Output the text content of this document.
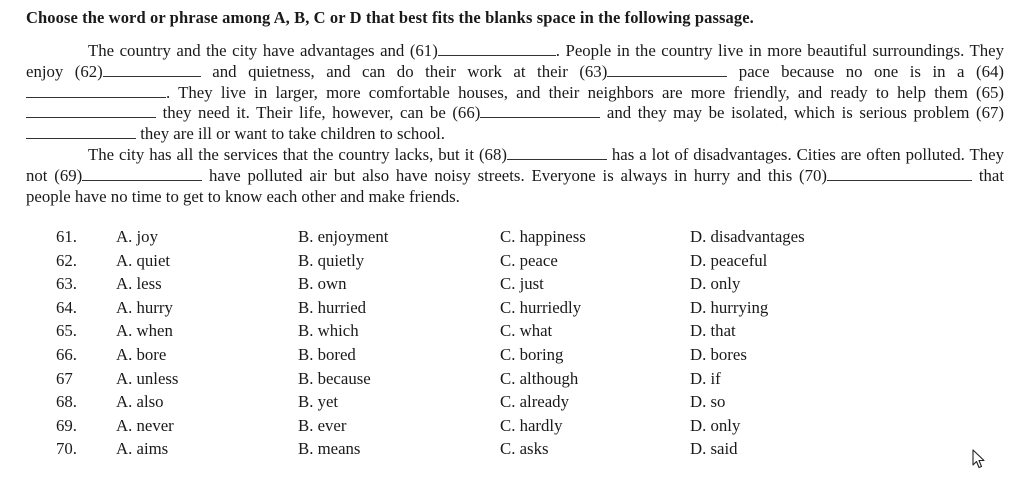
Choose the word or phrase among A, B, C or D that best fits the blanks space in the following passage.

The country and the city have advantages and (61)	. People in the country live in more beautiful surroundings. They enjoy (62)	and quietness, and can do their work at their (63)	pace because no one is in a (64). They live in larger, more comfortable houses, and their neighbors are more friendly, and ready to help them (65) they need it. Their life, however, can be (66)	and they may be isolated, which is serious problem (67) they are ill or want to take children to school.

The city has all the services that the country lacks, but it (68)	has a lot of disadvantages. Cities are often polluted. They not (69)	have polluted air but also have noisy streets. Everyone is always in hurry and this (70)	that people have no time to get to know each other and make friends.

61. A. joy	B. enjoyment	C. happiness	D. disadvantages
62. A. quiet	B. quietly	C. peace	D. peaceful
63. A. less	B. own	C. just	D. only
64. A. hurry	B. hurried	C. hurriedly	D. hurrying
65. A. when	B. which	C. what	D. that
66. A. bore	B. bored	C. boring	D. bores
67	A. unless	B. because	C. although	D. if
68. A. also	B. yet	C. already	D. so
69. A. never	B. ever	C. hardly	D. only
70. A. aims	B. means	C. asks	D. said
